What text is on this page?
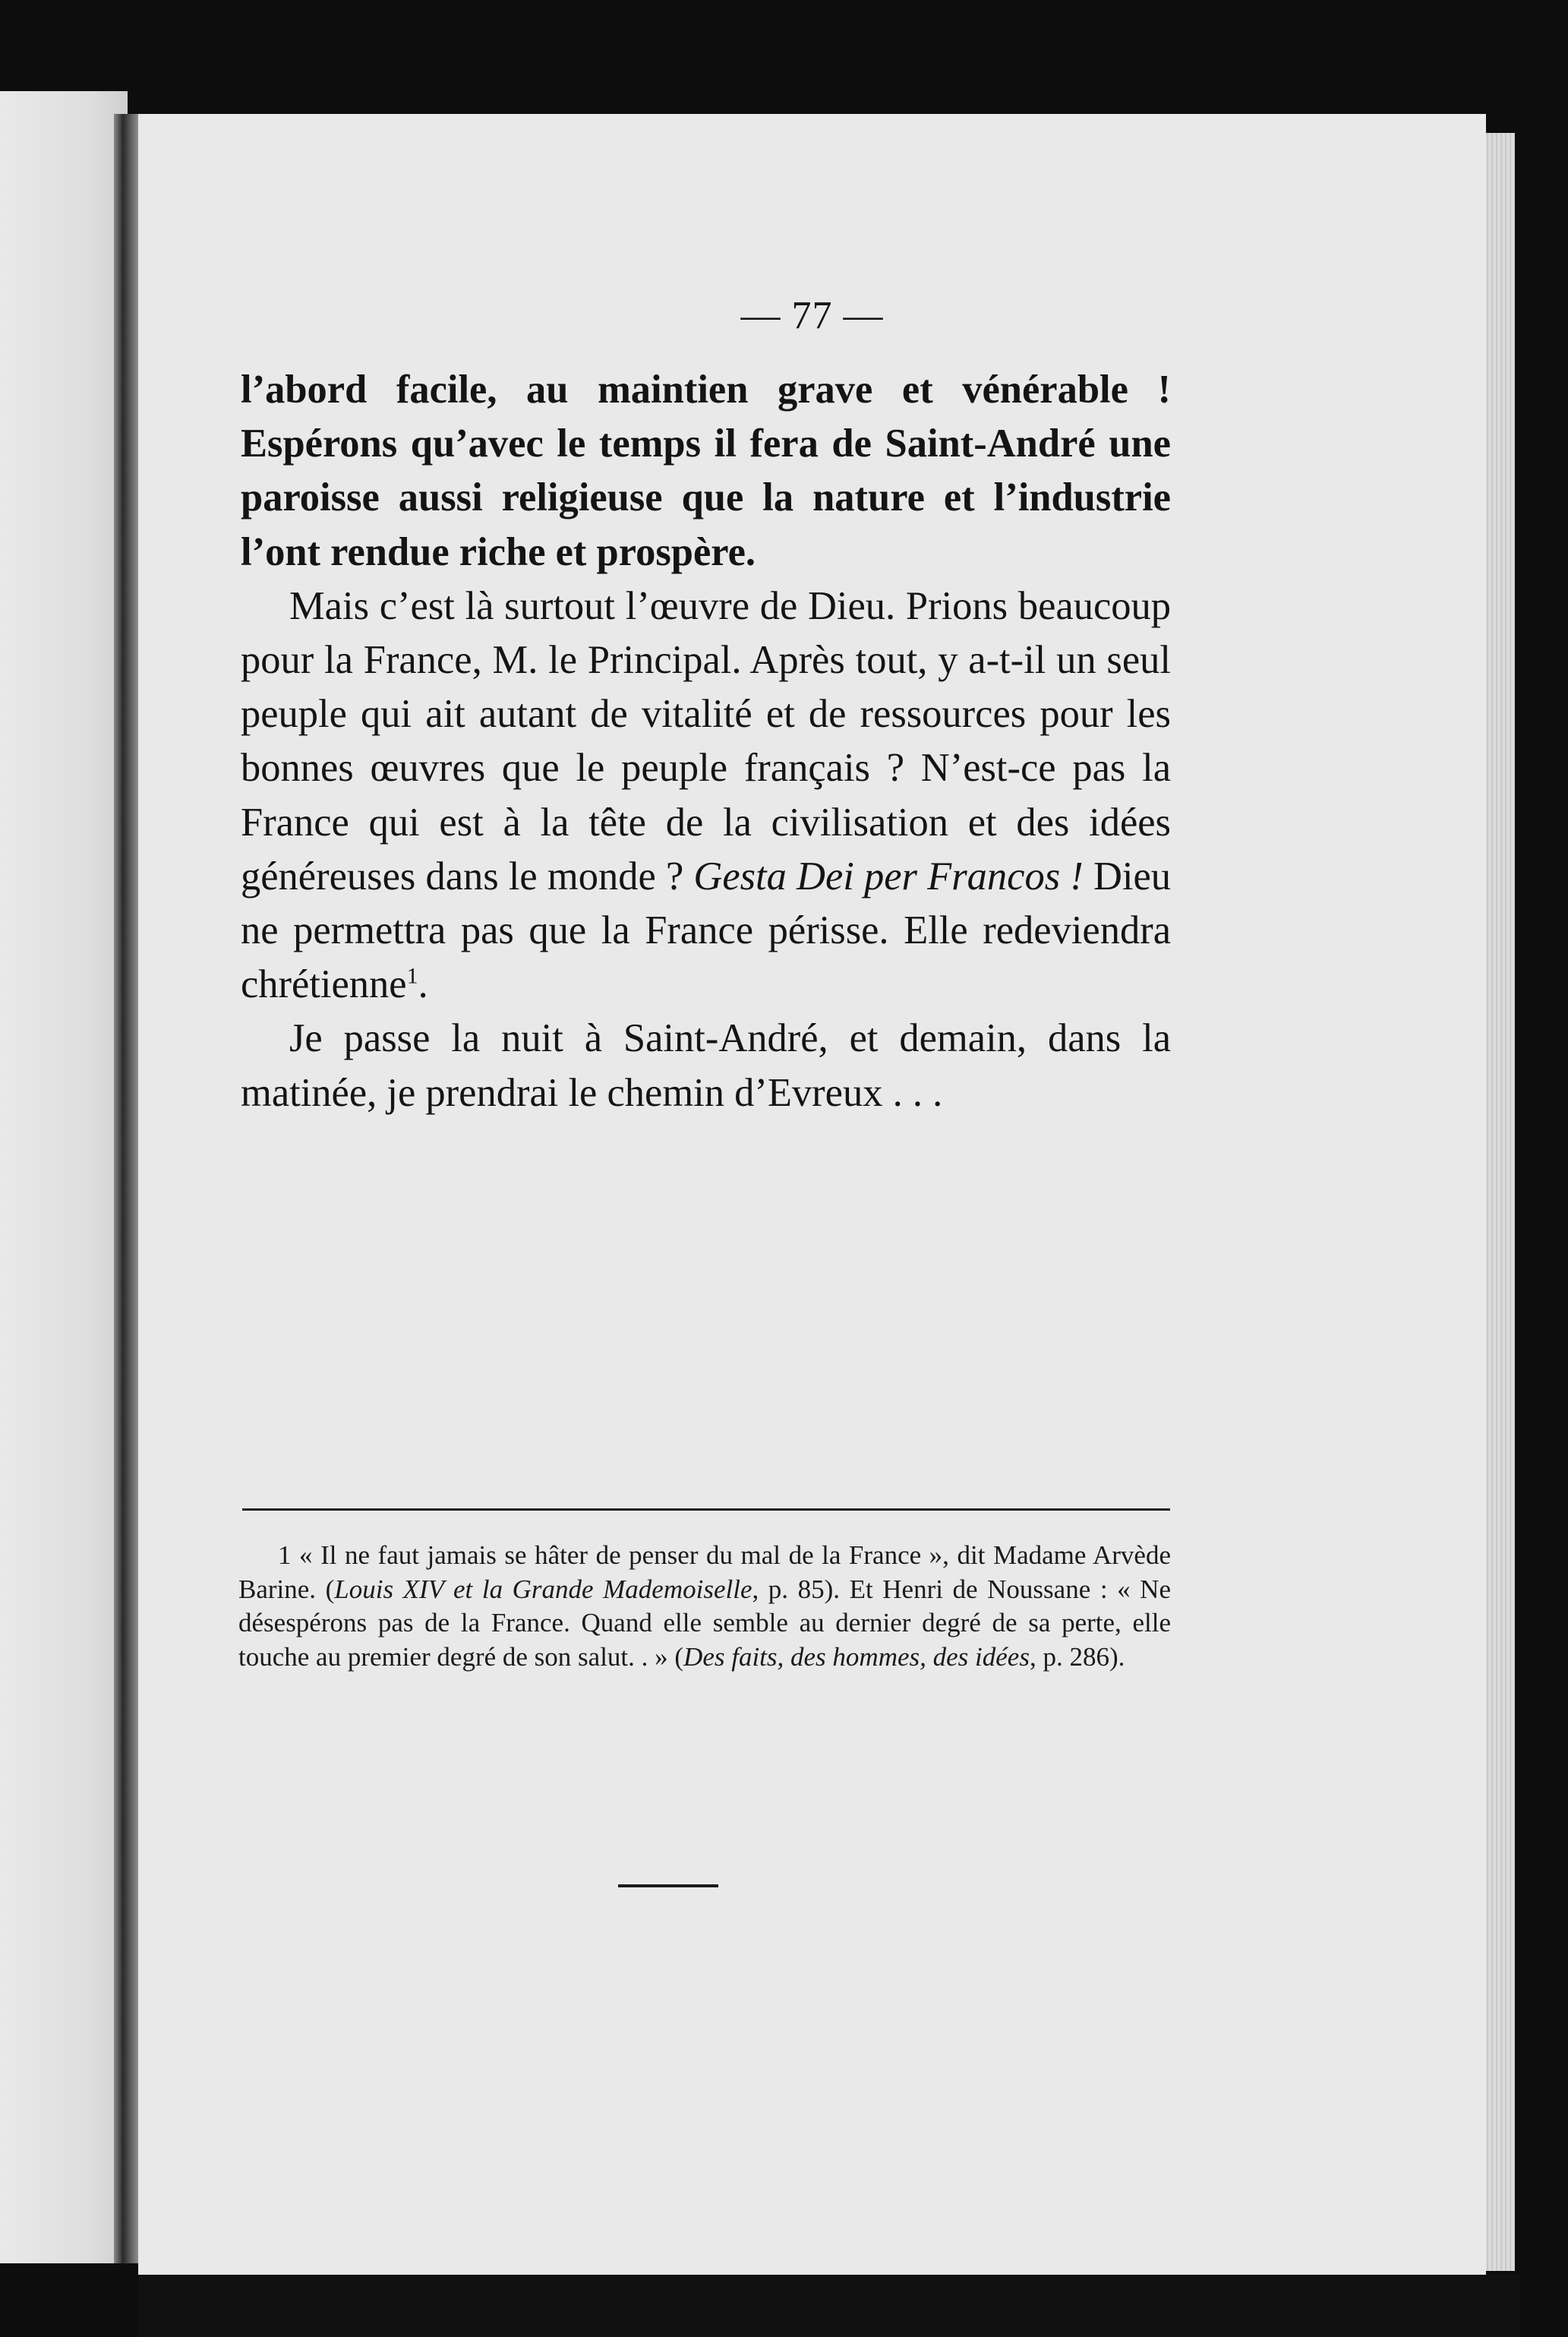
— 77 —

l’abord facile, au maintien grave et vénérable ! Espérons qu’avec le temps il fera de Saint-André une paroisse aussi religieuse que la nature et l’industrie l’ont rendue riche et prospère.

Mais c’est là surtout l’œuvre de Dieu. Prions beaucoup pour la France, M. le Principal. Après tout, y a-t-il un seul peuple qui ait autant de vitalité et de ressources pour les bonnes œuvres que le peuple français ? N’est-ce pas la France qui est à la tête de la civilisation et des idées généreuses dans le monde ? Gesta Dei per Francos ! Dieu ne permettra pas que la France périsse. Elle redeviendra chrétienne$^1$.

Je passe la nuit à Saint-André, et demain, dans la matinée, je prendrai le chemin d’Evreux . . .

1 « Il ne faut jamais se hâter de penser du mal de la France », dit Madame Arvède Barine. (Louis XIV et la Grande Mademoiselle, p. 85). Et Henri de Noussane : « Ne désespérons pas de la France. Quand elle semble au dernier degré de sa perte, elle touche au premier degré de son salut. . » (Des faits, des hommes, des idées, p. 286).
